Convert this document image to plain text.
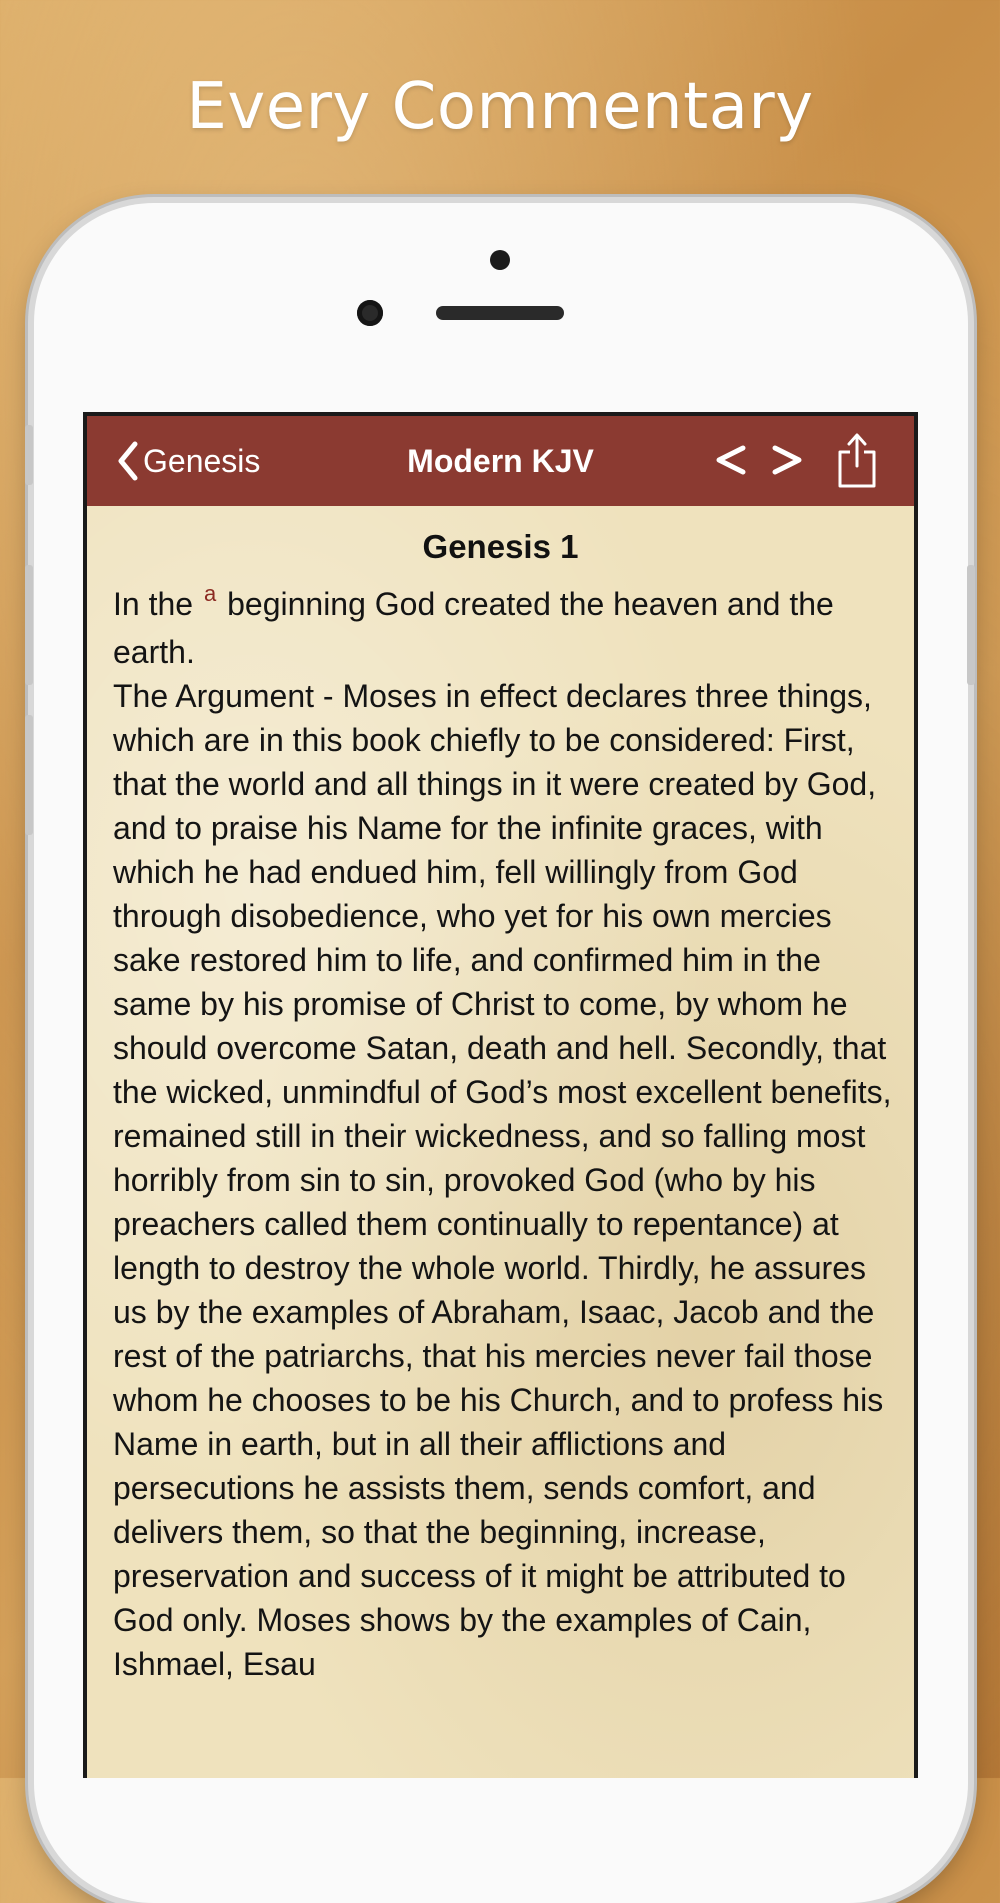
Every Commentary
Genesis	Modern KJV
Genesis 1
In the $^a$ beginning God created the heaven and the earth.

The Argument - Moses in effect declares three things, which are in this book chiefly to be considered: First, that the world and all things in it were created by God, and to praise his Name for the infinite graces, with which he had endued him, fell willingly from God through disobedience, who yet for his own mercies sake restored him to life, and confirmed him in the same by his promise of Christ to come, by whom he should overcome Satan, death and hell. Secondly, that the wicked, unmindful of God’s most excellent benefits, remained still in their wickedness, and so falling most horribly from sin to sin, provoked God (who by his preachers called them continually to repentance) at length to destroy the whole world. Thirdly, he assures us by the examples of Abraham, Isaac, Jacob and the rest of the patriarchs, that his mercies never fail those whom he chooses to be his Church, and to profess his Name in earth, but in all their afflictions and persecutions he assists them, sends comfort, and delivers them, so that the beginning, increase, preservation and success of it might be attributed to God only. Moses shows by the examples of Cain, Ishmael, Esau
